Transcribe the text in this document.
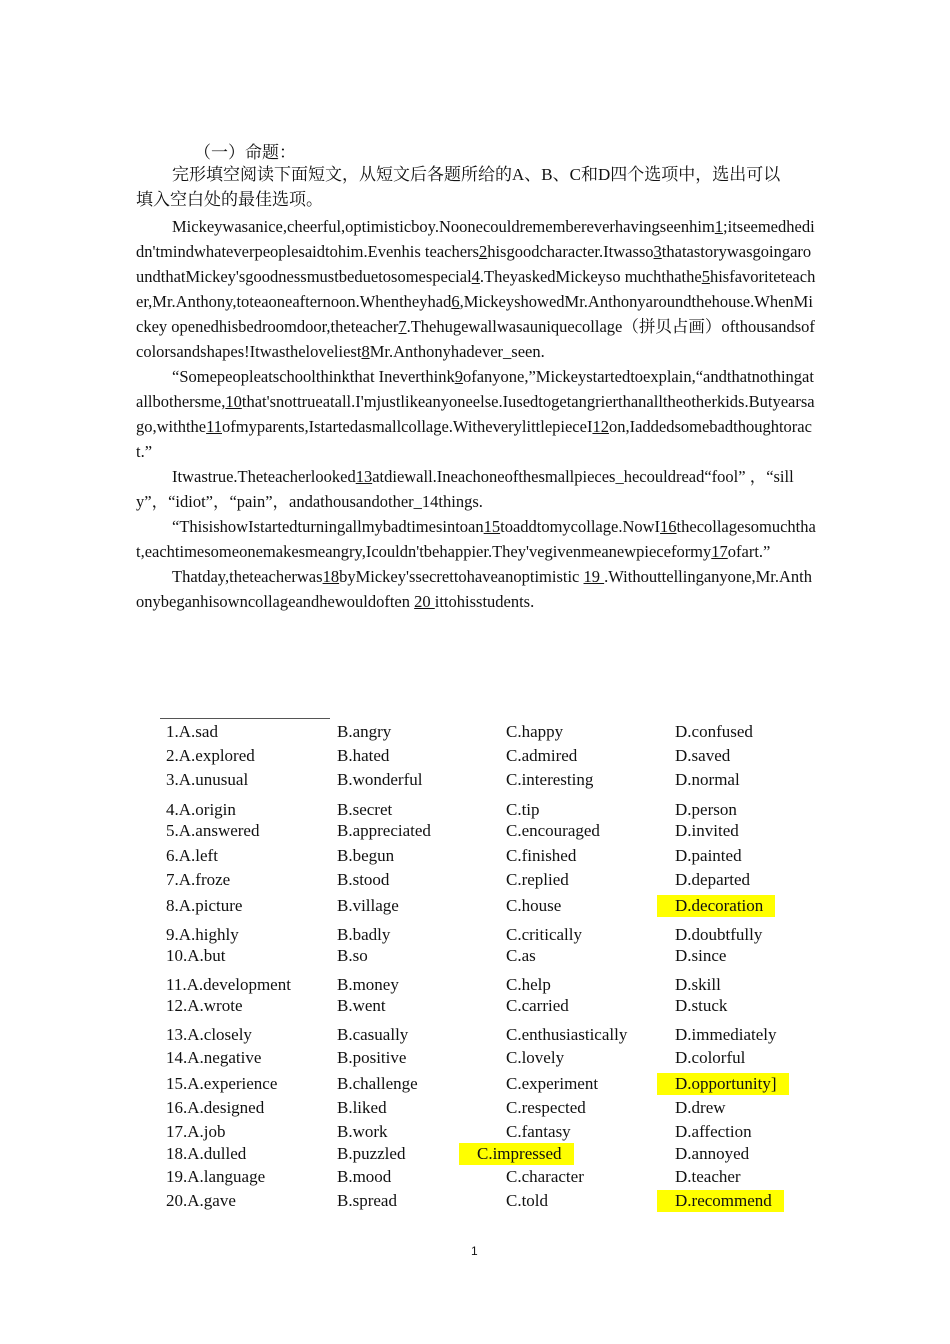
（一）命题：
完形填空阅读下面短文，从短文后各题所给的A、B、C和D四个选项中，选出可以填入空白处的最佳选项。

Mickeywasanice,cheerful,optimisticboy.Noonecouldremembereverhavingseenhim1;itseemedhedidn'tmindwhateverpeoplesaidtohim.Evenhis teachers2hisgoodcharacter.Itwasso3thatastorywasgoingaroundthatMickey'sgoodnessmustbeduetosomespecial4.TheyaskedMickeyso muchthathe5hisfavoriteteacher,Mr.Anthony,toteaoneafternoon.Whentheyhad6,MickeyshowedMr.Anthonyaroundthehouse.WhenMickey openedhisbedroomdoor,theteacher7.Thehugewallwasauniquecollage（拼贝占画）ofthousandsofcolorsandshapes!Itwastheloveliest8Mr.Anthonyhadever_seen.

“Somepeopleatschoolthinkthat Ineverthink9ofanyone,”Mickeystartedtoexplain,“andthatnothingatallbothersme,10that'snottrueatall.I'mjustlikeanyoneelse.Iusedtogetangrierthanalltheotherkids.Butyearsago,withthe11ofmyparents,Istartedasmallcollage.WitheverylittlepieceI12on,Iaddedsomebadthoughtoract.”

Itwastrue.Theteacherlooked13atdiewall.Ineachoneofthesmallpieces_hecouldread“fool” ，“silly”，“idiot”，“pain”，andathousandother_14things.

“ThisishowIstartedturningallmybadtimesintoan15toaddtomycollage.NowI16thecollagesomuchthat,eachtimesomeonemakesmeangry,Icouldn'tbehappier.They'vegivenmeanewpieceformy17ofart.”

Thatday,theteacherwas18byMickey'ssecrettohaveanoptimistic 19 .Withouttellinganyone,Mr.Anthonybeganhisowncollageandhewouldoften 20 ittohisstudents.

1.A.sad	B.angry	C.happy	D.confused
2.A.explored	B.hated	C.admired	D.saved
3.A.unusual	B.wonderful	C.interesting	D.normal
4.A.origin	B.secret	C.tip	D.person
5.A.answered	B.appreciated	C.encouraged	D.invited
6.A.left	B.begun	C.finished	D.painted
7.A.froze	B.stood	C.replied	D.departed
8.A.picture	B.village	C.house	D.decoration
9.A.highly	B.badly	C.critically	D.doubtfully
10.A.but	B.so	C.as	D.since
11.A.development	B.money	C.help	D.skill
12.A.wrote	B.went	C.carried	D.stuck
13.A.closely	B.casually	C.enthusiastically	D.immediately
14.A.negative	B.positive	C.lovely	D.colorful
15.A.experience	B.challenge	C.experiment	D.opportunity]
16.A.designed	B.liked	C.respected	D.drew
17.A.job	B.work	C.fantasy	D.affection
18.A.dulled	B.puzzled	C.impressed	D.annoyed
19.A.language	B.mood	C.character	D.teacher
20.A.gave	B.spread	C.told	D.recommend
1
